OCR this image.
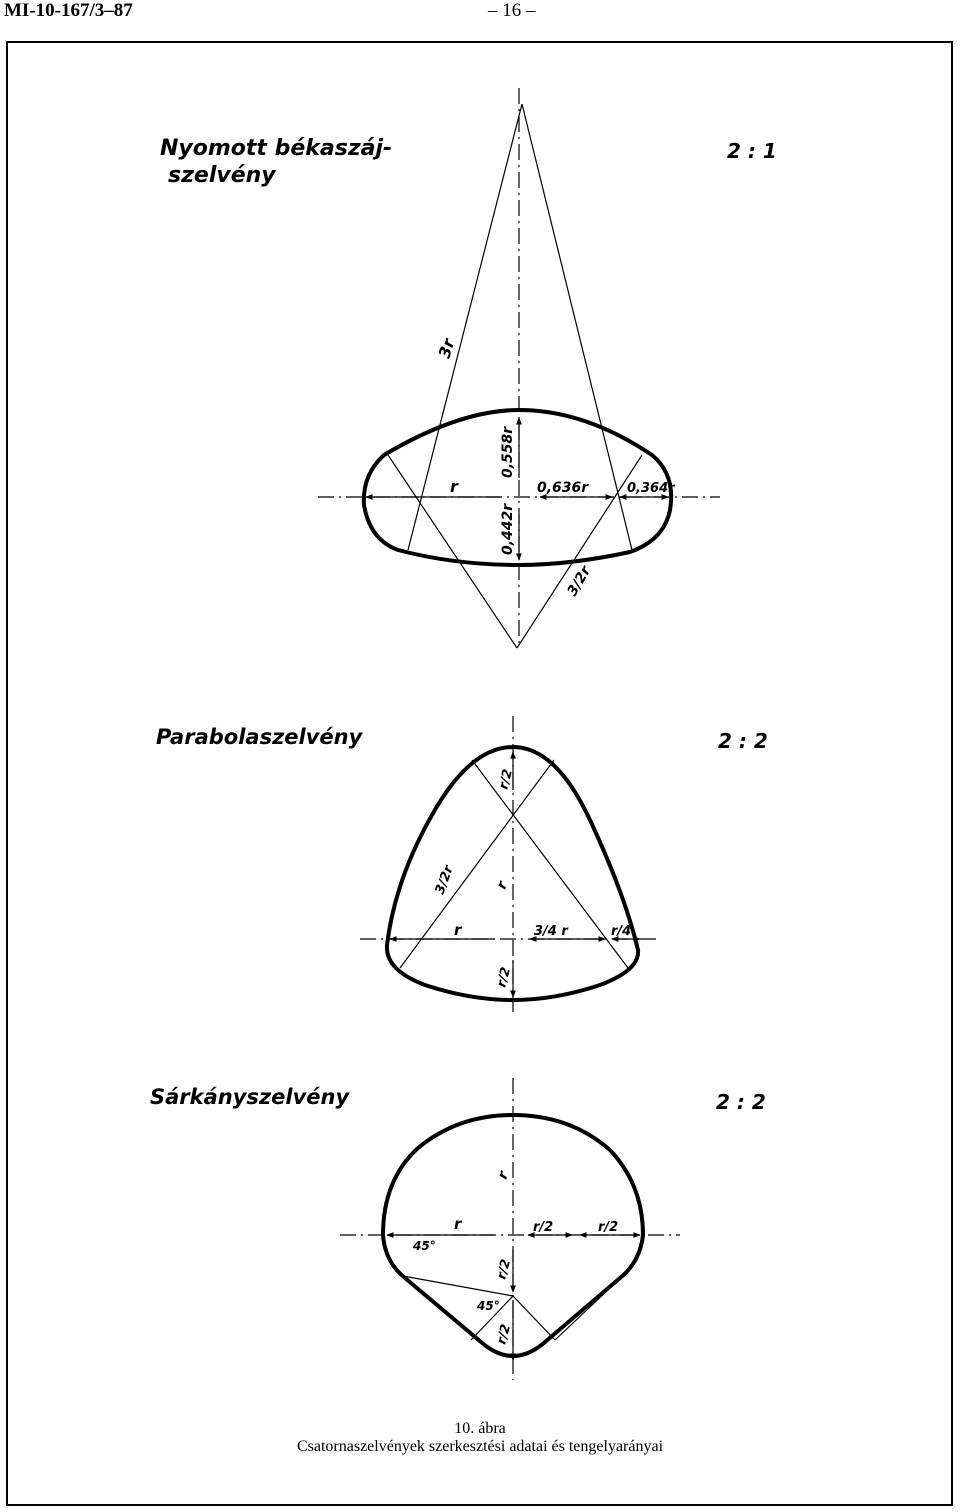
MI-10-167/3–87	– 16 –
Nyomott békaszáj-
szelvény
2 : 1
3r
r
0,558r
0,442r
0,636r	0,364r
3/2r
Parabolaszelvény	2 : 2
r/2
3/2r	r
r	3/4 r	r/4
r/2
Sárkányszelvény	2 : 2
r
r	r/2	r/2
45°
r/2
45°
r/2
10. ábra
Csatornaszelvények szerkesztési adatai és tengelyarányai
